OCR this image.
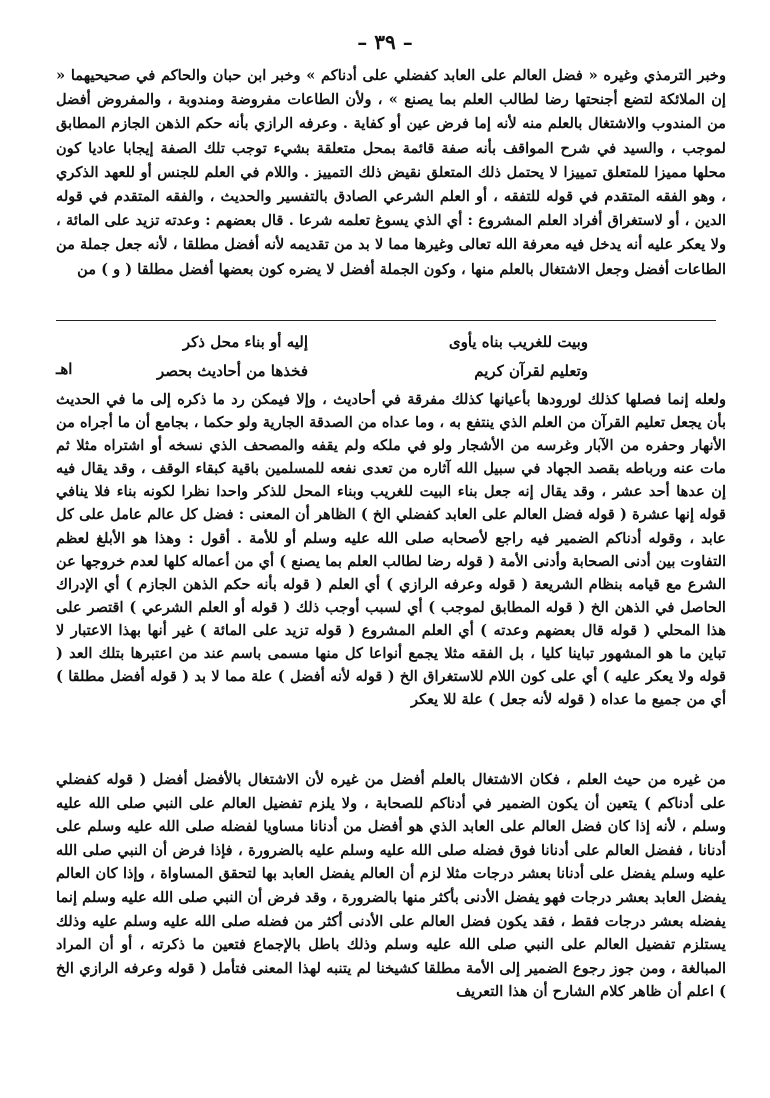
– ٣٩ –

وخبر الترمذي وغيره « فضل العالم على العابد كفضلي على أدناكم » وخبر ابن حبان والحاكم في صحيحيهما « إن الملائكة لتضع أجنحتها رضا لطالب العلم بما يصنع » ، ولأن الطاعات مفروضة ومندوبة ، والمفروض أفضل من المندوب والاشتغال بالعلم منه لأنه إما فرض عين أو كفاية . وعرفه الرازي بأنه حكم الذهن الجازم المطابق لموجب ، والسيد في شرح المواقف بأنه صفة قائمة بمحل متعلقة بشيء توجب تلك الصفة إيجابا عاديا كون محلها مميزا للمتعلق تمييزا لا يحتمل ذلك المتعلق نقيض ذلك التمييز . واللام في العلم للجنس أو للعهد الذكري ، وهو الفقه المتقدم في قوله للتفقه ، أو العلم الشرعي الصادق بالتفسير والحديث ، والفقه المتقدم في قوله الدين ، أو لاستغراق أفراد العلم المشروع : أي الذي يسوغ تعلمه شرعا . قال بعضهم : وعدته تزيد على المائة ، ولا يعكر عليه أنه يدخل فيه معرفة الله تعالى وغيرها مما لا بد من تقديمه لأنه أفضل مطلقا ، لأنه جعل جملة من الطاعات أفضل وجعل الاشتغال بالعلم منها ، وكون الجملة أفضل لا يضره كون بعضها أفضل مطلقا ( و ) من

وبيت للغريب بناه يأوى
إليه أو بناء محل ذكر
وتعليم لقرآن كريم
فخذها من أحاديث بحصر
اهـ

ولعله إنما فصلها كذلك لورودها بأعيانها كذلك مفرقة في أحاديث ، وإلا فيمكن رد ما ذكره إلى ما في الحديث بأن يجعل تعليم القرآن من العلم الذي ينتفع به ، وما عداه من الصدقة الجارية ولو حكما ، بجامع أن ما أجراه من الأنهار وحفره من الآبار وغرسه من الأشجار ولو في ملكه ولم يقفه والمصحف الذي نسخه أو اشتراه مثلا ثم مات عنه ورباطه بقصد الجهاد في سبيل الله آثاره من تعدى نفعه للمسلمين باقية كبقاء الوقف ، وقد يقال فيه إن عدها أحد عشر ، وقد يقال إنه جعل بناء البيت للغريب وبناء المحل للذكر واحدا نظرا لكونه بناء فلا ينافي قوله إنها عشرة ( قوله فضل العالم على العابد كفضلي الخ ) الظاهر أن المعنى : فضل كل عالم عامل على كل عابد ، وقوله أدناكم الضمير فيه راجع لأصحابه صلى الله عليه وسلم أو للأمة . أقول : وهذا هو الأبلغ لعظم التفاوت بين أدنى الصحابة وأدنى الأمة ( قوله رضا لطالب العلم بما يصنع ) أي من أعماله كلها لعدم خروجها عن الشرع مع قيامه بنظام الشريعة ( قوله وعرفه الرازي ) أي العلم ( قوله بأنه حكم الذهن الجازم ) أي الإدراك الحاصل في الذهن الخ ( قوله المطابق لموجب ) أي لسبب أوجب ذلك ( قوله أو العلم الشرعي ) اقتصر على هذا المحلي ( قوله قال بعضهم وعدته ) أي العلم المشروع ( قوله تزيد على المائة ) غير أنها بهذا الاعتبار لا تباين ما هو المشهور تباينا كليا ، بل الفقه مثلا يجمع أنواعا كل منها مسمى باسم عند من اعتبرها بتلك العد ( قوله ولا يعكر عليه ) أي على كون اللام للاستغراق الخ ( قوله لأنه أفضل ) علة مما لا بد ( قوله أفضل مطلقا ) أي من جميع ما عداه ( قوله لأنه جعل ) علة للا يعكر

من غيره من حيث العلم ، فكان الاشتغال بالعلم أفضل من غيره لأن الاشتغال بالأفضل أفضل ( قوله كفضلي على أدناكم ) يتعين أن يكون الضمير في أدناكم للصحابة ، ولا يلزم تفضيل العالم على النبي صلى الله عليه وسلم ، لأنه إذا كان فضل العالم على العابد الذي هو أفضل من أدنانا مساويا لفضله صلى الله عليه وسلم على أدنانا ، ففضل العالم على أدنانا فوق فضله صلى الله عليه وسلم عليه بالضرورة ، فإذا فرض أن النبي صلى الله عليه وسلم يفضل على أدنانا بعشر درجات مثلا لزم أن العالم يفضل العابد بها لتحقق المساواة ، وإذا كان العالم يفضل العابد بعشر درجات فهو يفضل الأدنى بأكثر منها بالضرورة ، وقد فرض أن النبي صلى الله عليه وسلم إنما يفضله بعشر درجات فقط ، فقد يكون فضل العالم على الأدنى أكثر من فضله صلى الله عليه وسلم عليه وذلك يستلزم تفضيل العالم على النبي صلى الله عليه وسلم وذلك باطل بالإجماع فتعين ما ذكرته ، أو أن المراد المبالغة ، ومن جوز رجوع الضمير إلى الأمة مطلقا كشيخنا لم يتنبه لهذا المعنى فتأمل ( قوله وعرفه الرازي الخ ) اعلم أن ظاهر كلام الشارح أن هذا التعريف
